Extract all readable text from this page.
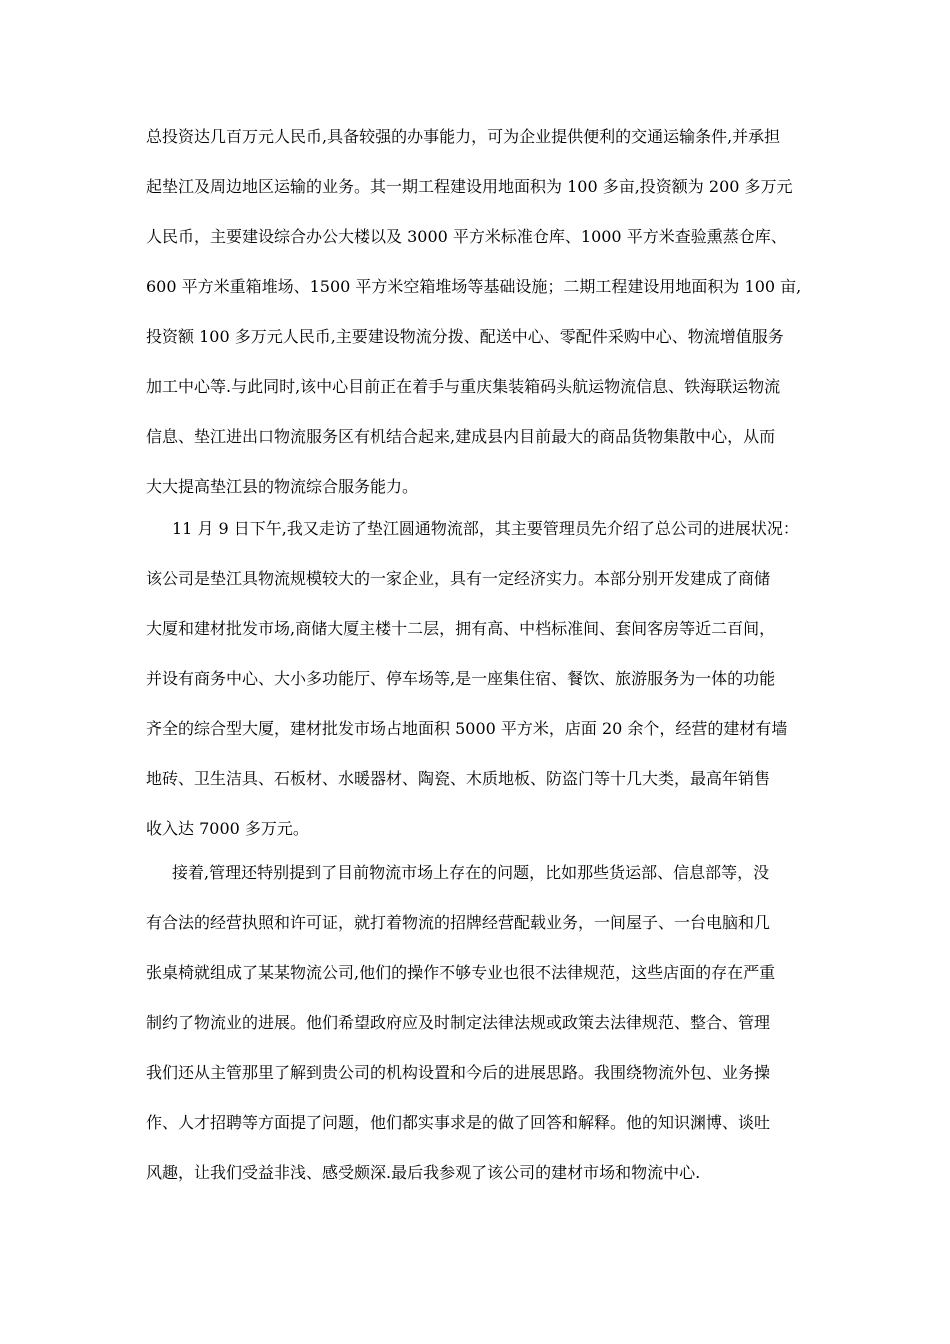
总投资达几百万元人民币,具备较强的办事能力，可为企业提供便利的交通运输条件,并承担
起垫江及周边地区运输的业务。其一期工程建设用地面积为 100 多亩,投资额为 200 多万元
人民币，主要建设综合办公大楼以及 3000 平方米标准仓库、1000 平方米查验熏蒸仓库、
600 平方米重箱堆场、1500 平方米空箱堆场等基础设施；二期工程建设用地面积为 100 亩,
投资额 100 多万元人民币,主要建设物流分拨、配送中心、零配件采购中心、物流增值服务
加工中心等.与此同时,该中心目前正在着手与重庆集装箱码头航运物流信息、铁海联运物流
信息、垫江进出口物流服务区有机结合起来,建成县内目前最大的商品货物集散中心，从而
大大提高垫江县的物流综合服务能力。
11 月 9 日下午,我又走访了垫江圆通物流部，其主要管理员先介绍了总公司的进展状况：
该公司是垫江具物流规模较大的一家企业，具有一定经济实力。本部分别开发建成了商储
大厦和建材批发市场,商储大厦主楼十二层，拥有高、中档标准间、套间客房等近二百间，
并设有商务中心、大小多功能厅、停车场等,是一座集住宿、餐饮、旅游服务为一体的功能
齐全的综合型大厦，建材批发市场占地面积 5000 平方米，店面 20 余个，经营的建材有墙
地砖、卫生洁具、石板材、水暖器材、陶瓷、木质地板、防盗门等十几大类，最高年销售
收入达 7000 多万元。
接着,管理还特别提到了目前物流市场上存在的问题，比如那些货运部、信息部等，没
有合法的经营执照和许可证，就打着物流的招牌经营配载业务，一间屋子、一台电脑和几
张桌椅就组成了某某物流公司,他们的操作不够专业也很不法律规范，这些店面的存在严重
制约了物流业的进展。他们希望政府应及时制定法律法规或政策去法律规范、整合、管理
我们还从主管那里了解到贵公司的机构设置和今后的进展思路。我围绕物流外包、业务操
作、人才招聘等方面提了问题，他们都实事求是的做了回答和解释。他的知识渊博、谈吐
风趣，让我们受益非浅、感受颇深.最后我参观了该公司的建材市场和物流中心.
